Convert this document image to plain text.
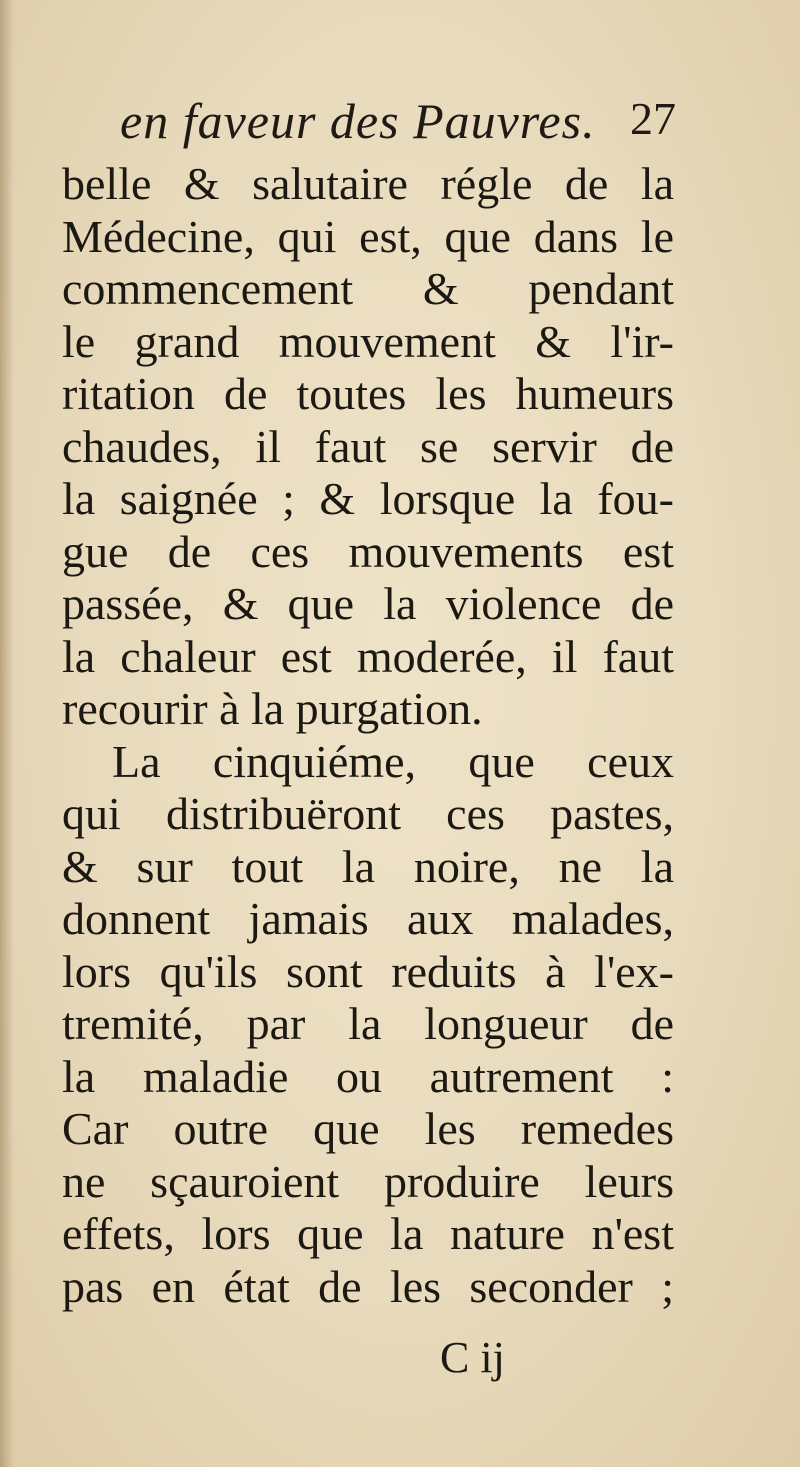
en faveur des Pauvres. 27
belle & salutaire régle de la
Médecine, qui est, que dans le
commencement & pendant
le grand mouvement & l'ir-
ritation de toutes les humeurs
chaudes, il faut se servir de
la saignée ; & lorsque la fou-
gue de ces mouvements est
passée, & que la violence de
la chaleur est moderée, il faut
recourir à la purgation.
La cinquiéme, que ceux
qui distribuëront ces pastes,
& sur tout la noire, ne la
donnent jamais aux malades,
lors qu'ils sont reduits à l'ex-
tremité, par la longueur de
la maladie ou autrement :
Car outre que les remedes
ne sçauroient produire leurs
effets, lors que la nature n'est
pas en état de les seconder ;
C ij
